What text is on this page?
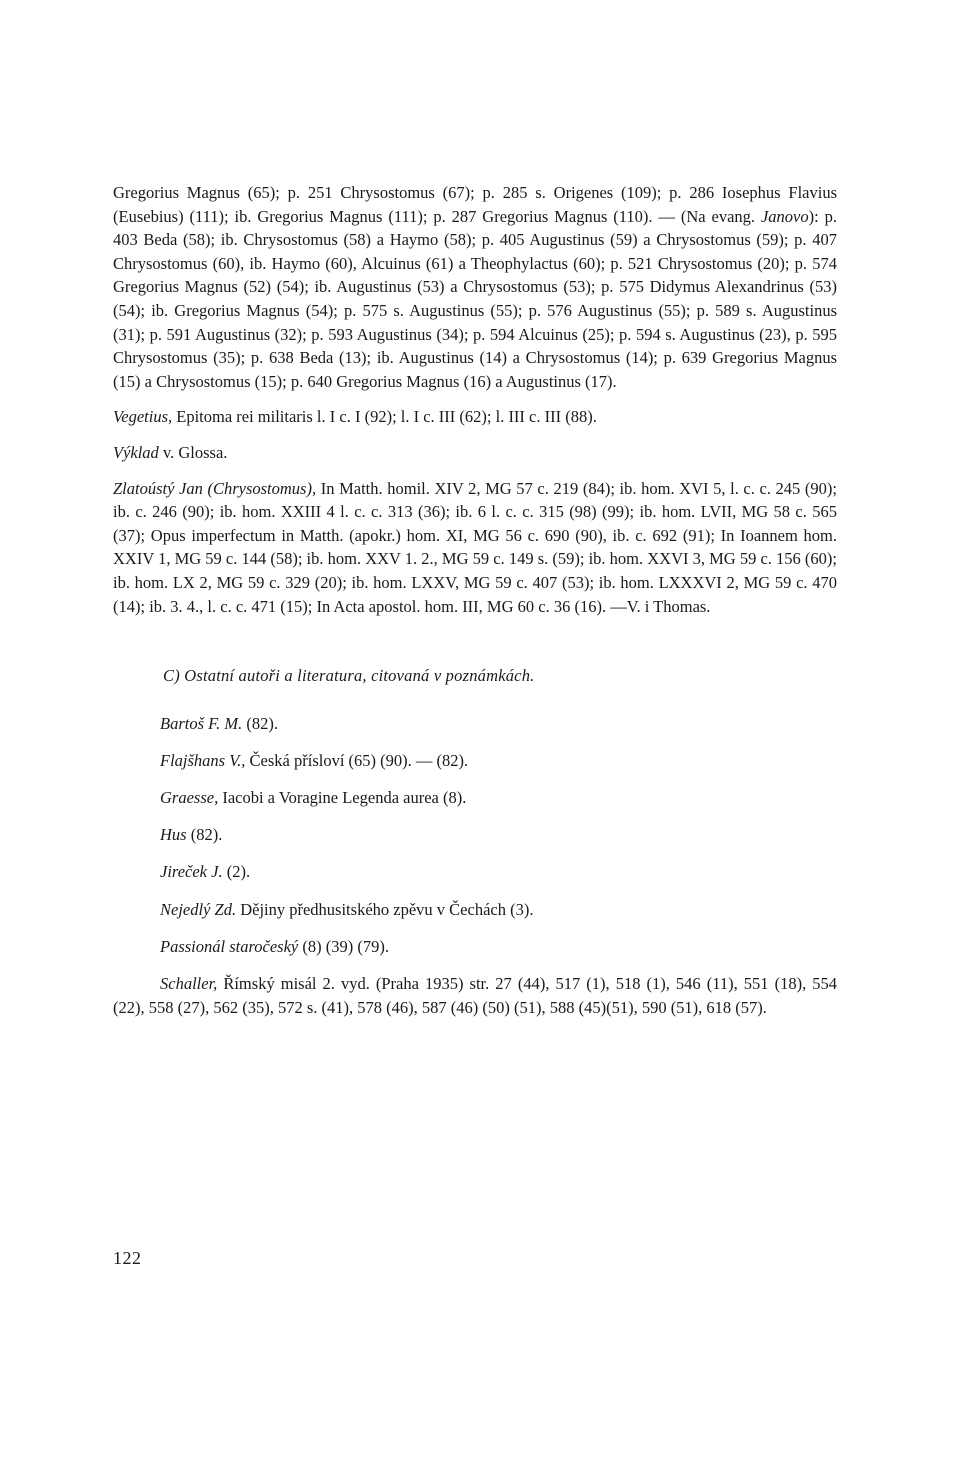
Gregorius Magnus (65); p. 251 Chrysostomus (67); p. 285 s. Origenes (109); p. 286 Iosephus Flavius (Eusebius) (111); ib. Gregorius Magnus (111); p. 287 Gregorius Magnus (110). — (Na evang. Janovo): p. 403 Beda (58); ib. Chrysostomus (58) a Haymo (58); p. 405 Augustinus (59) a Chrysostomus (59); p. 407 Chrysostomus (60), ib. Haymo (60), Alcuinus (61) a Theophylactus (60); p. 521 Chrysostomus (20); p. 574 Gregorius Magnus (52) (54); ib. Augustinus (53) a Chrysostomus (53); p. 575 Didymus Alexandrinus (53) (54); ib. Gregorius Magnus (54); p. 575 s. Augustinus (55); p. 576 Augustinus (55); p. 589 s. Augustinus (31); p. 591 Augustinus (32); p. 593 Augustinus (34); p. 594 Alcuinus (25); p. 594 s. Augustinus (23), p. 595 Chrysostomus (35); p. 638 Beda (13); ib. Augustinus (14) a Chrysostomus (14); p. 639 Gregorius Magnus (15) a Chrysostomus (15); p. 640 Gregorius Magnus (16) a Augustinus (17).

Vegetius, Epitoma rei militaris l. I c. I (92); l. I c. III (62); l. III c. III (88).

Výklad v. Glossa.

Zlatoústý Jan (Chrysostomus), In Matth. homil. XIV 2, MG 57 c. 219 (84); ib. hom. XVI 5, l. c. c. 245 (90); ib. c. 246 (90); ib. hom. XXIII 4 l. c. c. 313 (36); ib. 6 l. c. c. 315 (98) (99); ib. hom. LVII, MG 58 c. 565 (37); Opus imperfectum in Matth. (apokr.) hom. XI, MG 56 c. 690 (90), ib. c. 692 (91); In Ioannem hom. XXIV 1, MG 59 c. 144 (58); ib. hom. XXV 1. 2., MG 59 c. 149 s. (59); ib. hom. XXVI 3, MG 59 c. 156 (60); ib. hom. LX 2, MG 59 c. 329 (20); ib. hom. LXXV, MG 59 c. 407 (53); ib. hom. LXXXVI 2, MG 59 c. 470 (14); ib. 3. 4., l. c. c. 471 (15); In Acta apostol. hom. III, MG 60 c. 36 (16). —V. i Thomas.

C) Ostatní autoři a literatura, citovaná v poznámkách.

Bartoš F. M. (82).

Flajšhans V., Česká přísloví (65) (90). — (82).

Graesse, Iacobi a Voragine Legenda aurea (8).

Hus (82).

Jireček J. (2).

Nejedlý Zd. Dějiny předhusitského zpěvu v Čechách (3).

Passionál staročeský (8) (39) (79).

Schaller, Římský misál 2. vyd. (Praha 1935) str. 27 (44), 517 (1), 518 (1), 546 (11), 551 (18), 554 (22), 558 (27), 562 (35), 572 s. (41), 578 (46), 587 (46) (50) (51), 588 (45)(51), 590 (51), 618 (57).

122
